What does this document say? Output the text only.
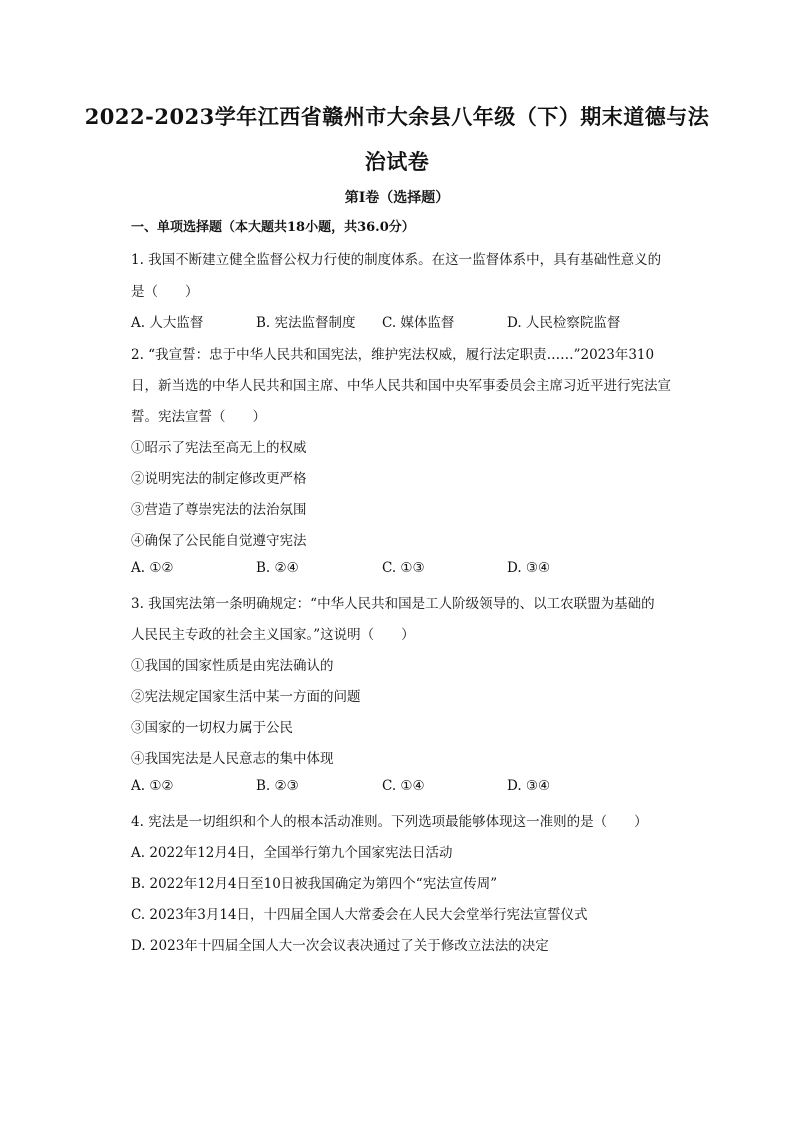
2022-2023学年江西省赣州市大余县八年级（下）期末道德与法
治试卷
第Ⅰ卷（选择题）
一、单项选择题（本大题共18小题，共36.0分）
1. 我国不断建立健全监督公权力行使的制度体系。在这一监督体系中，具有基础性意义的
是（　　）
A. 人大监督	B. 宪法监督制度 C. 媒体监督	D. 人民检察院监督
2. “我宣誓：忠于中华人民共和国宪法，维护宪法权威，履行法定职责……”2023年310
日，新当选的中华人民共和国主席、中华人民共和国中央军事委员会主席习近平进行宪法宣
誓。宪法宣誓（　　）
①昭示了宪法至高无上的权威
②说明宪法的制定修改更严格
③营造了尊崇宪法的法治氛围
④确保了公民能自觉遵守宪法
A. ①②	B. ②④	C. ①③	D. ③④
3. 我国宪法第一条明确规定：“中华人民共和国是工人阶级领导的、以工农联盟为基础的
人民民主专政的社会主义国家。”这说明（　　）
①我国的国家性质是由宪法确认的
②宪法规定国家生活中某一方面的问题
③国家的一切权力属于公民
④我国宪法是人民意志的集中体现
A. ①②	B. ②③	C. ①④	D. ③④
4. 宪法是一切组织和个人的根本活动准则。下列选项最能够体现这一准则的是（　　）
A. 2022年12月4日，全国举行第九个国家宪法日活动
B. 2022年12月4日至10日被我国确定为第四个“宪法宣传周”
C. 2023年3月14日，十四届全国人大常委会在人民大会堂举行宪法宣誓仪式
D. 2023年十四届全国人大一次会议表决通过了关于修改立法法的决定
